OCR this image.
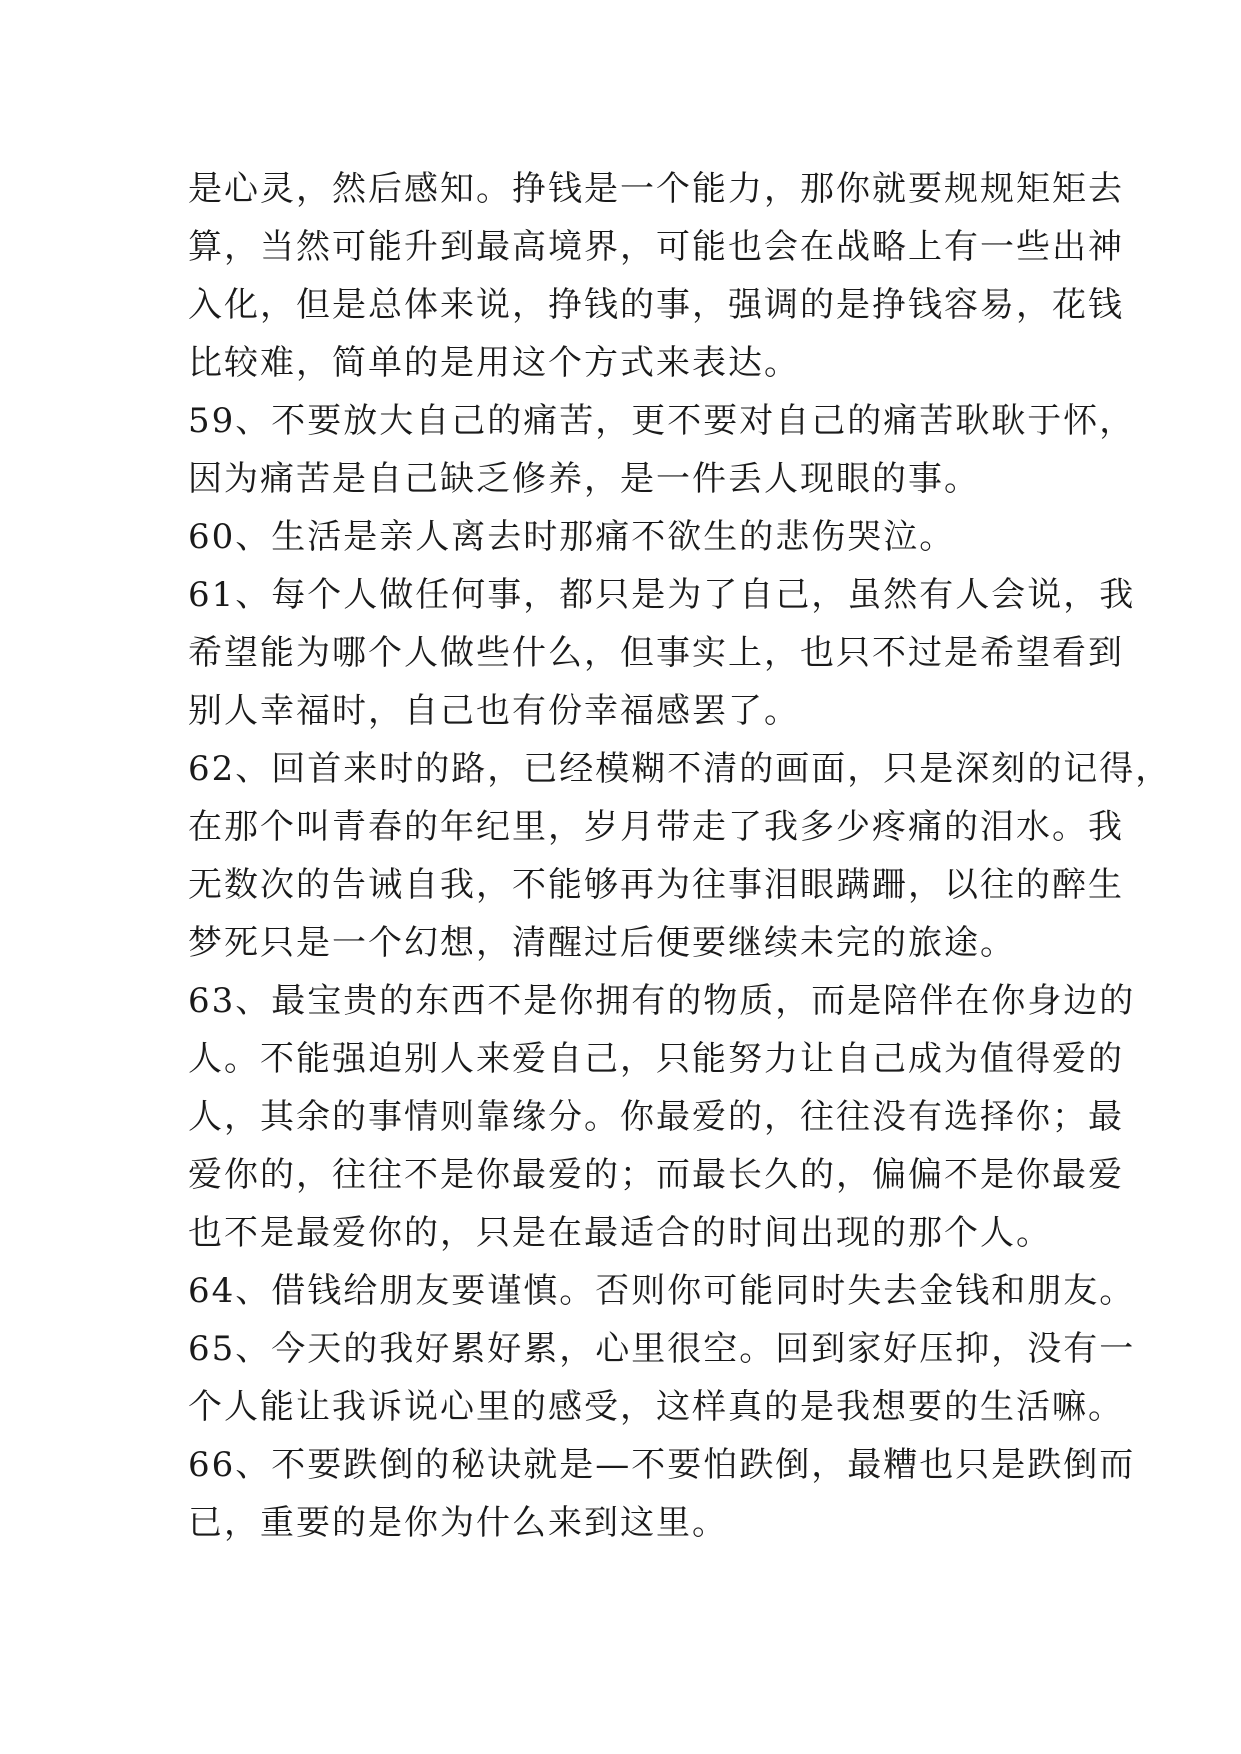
是心灵，然后感知。挣钱是一个能力，那你就要规规矩矩去
算，当然可能升到最高境界，可能也会在战略上有一些出神
入化，但是总体来说，挣钱的事，强调的是挣钱容易，花钱
比较难，简单的是用这个方式来表达。
59、不要放大自己的痛苦，更不要对自己的痛苦耿耿于怀，
因为痛苦是自己缺乏修养，是一件丢人现眼的事。
60、生活是亲人离去时那痛不欲生的悲伤哭泣。
61、每个人做任何事，都只是为了自己，虽然有人会说，我
希望能为哪个人做些什么，但事实上，也只不过是希望看到
别人幸福时，自己也有份幸福感罢了。
62、回首来时的路，已经模糊不清的画面，只是深刻的记得，
在那个叫青春的年纪里，岁月带走了我多少疼痛的泪水。我
无数次的告诫自我，不能够再为往事泪眼蹒跚，以往的醉生
梦死只是一个幻想，清醒过后便要继续未完的旅途。
63、最宝贵的东西不是你拥有的物质，而是陪伴在你身边的
人。不能强迫别人来爱自己，只能努力让自己成为值得爱的
人，其余的事情则靠缘分。你最爱的，往往没有选择你；最
爱你的，往往不是你最爱的；而最长久的，偏偏不是你最爱
也不是最爱你的，只是在最适合的时间出现的那个人。
64、借钱给朋友要谨慎。否则你可能同时失去金钱和朋友。
65、今天的我好累好累，心里很空。回到家好压抑，没有一
个人能让我诉说心里的感受，这样真的是我想要的生活嘛。
66、不要跌倒的秘诀就是—不要怕跌倒，最糟也只是跌倒而
已，重要的是你为什么来到这里。
